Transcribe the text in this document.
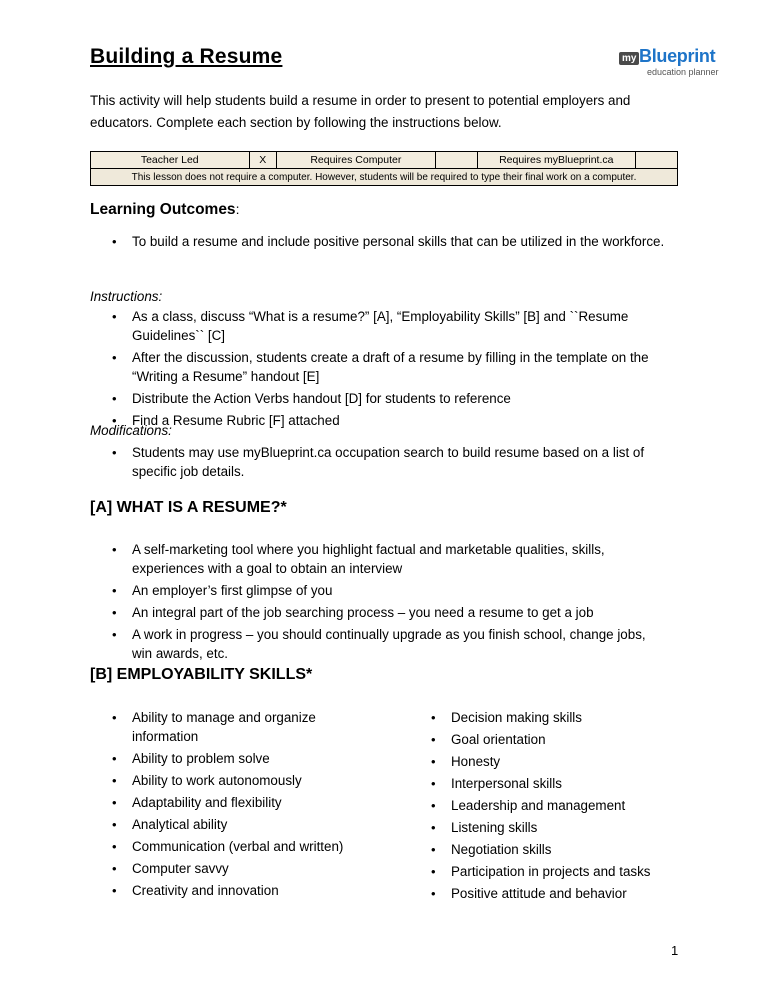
Building a Resume	my Blueprint
education planner
This activity will help students build a resume in order to present to potential employers and educators. Complete each section by following the instructions below.
Teacher Led	X	Requires Computer		Requires myBlueprint.ca	
This lesson does not require a computer. However, students will be required to type their final work on a computer.
Learning Outcomes:
• To build a resume and include positive personal skills that can be utilized in the workforce.
Instructions:
• As a class, discuss “What is a resume?” [A], “Employability Skills” [B] and ``Resume Guidelines`` [C]
• After the discussion, students create a draft of a resume by filling in the template on the “Writing a Resume” handout [E]
• Distribute the Action Verbs handout [D] for students to reference
• Find a Resume Rubric [F] attached
Modifications:
• Students may use myBlueprint.ca occupation search to build resume based on a list of specific job details.
[A] WHAT IS A RESUME?*
• A self-marketing tool where you highlight factual and marketable qualities, skills, experiences with a goal to obtain an interview
• An employer’s first glimpse of you
• An integral part of the job searching process – you need a resume to get a job
• A work in progress – you should continually upgrade as you finish school, change jobs, win awards, etc.
[B] EMPLOYABILITY SKILLS*
• Ability to manage and organize information
• Ability to problem solve
• Ability to work autonomously
• Adaptability and flexibility
• Analytical ability
• Communication (verbal and written)
• Computer savvy
• Creativity and innovation
• Decision making skills
• Goal orientation
• Honesty
• Interpersonal skills
• Leadership and management
• Listening skills
• Negotiation skills
• Participation in projects and tasks
• Positive attitude and behavior
1
